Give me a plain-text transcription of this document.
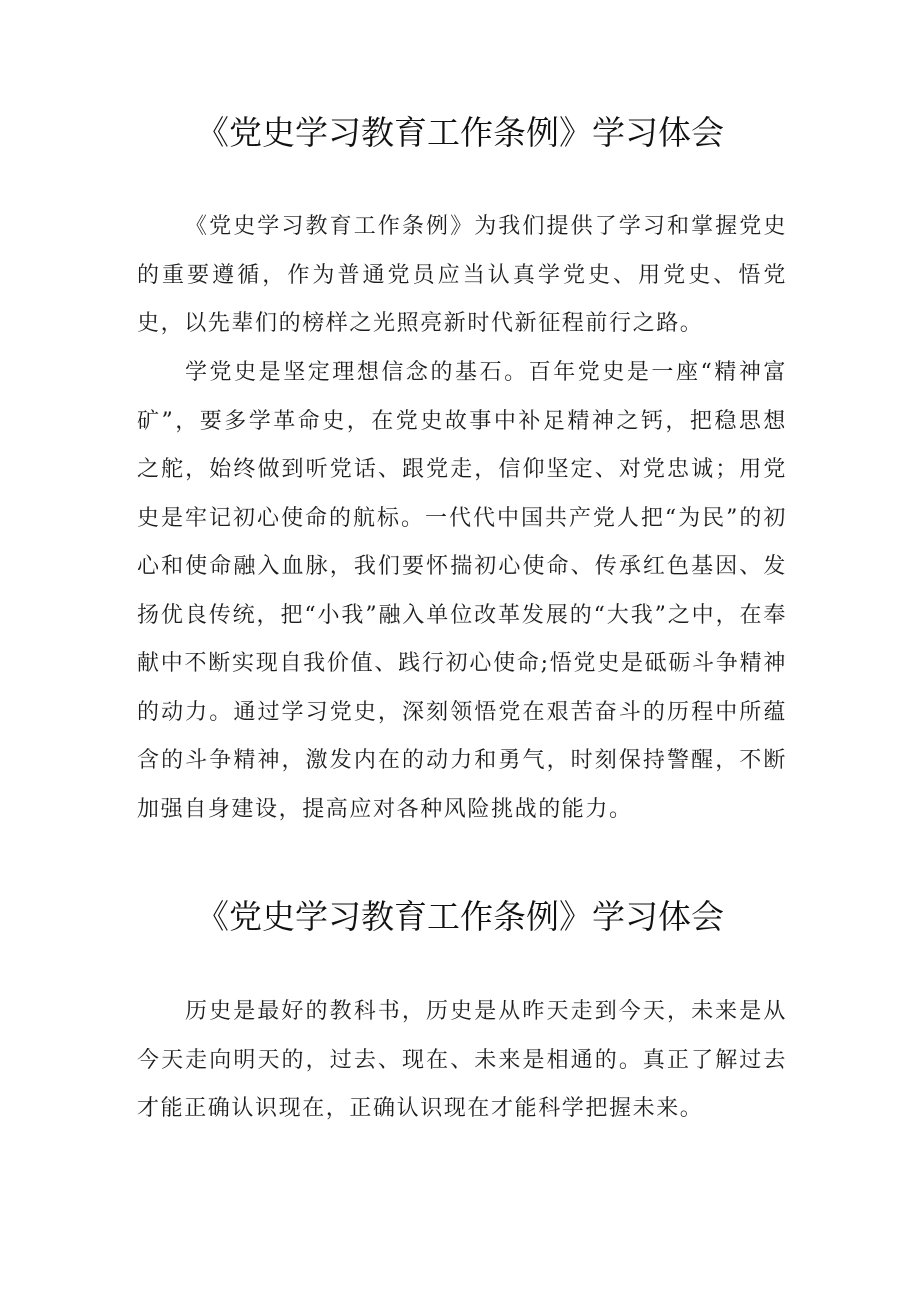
《党史学习教育工作条例》学习体会

《党史学习教育工作条例》为我们提供了学习和掌握党史的重要遵循，作为普通党员应当认真学党史、用党史、悟党史，以先辈们的榜样之光照亮新时代新征程前行之路。

学党史是坚定理想信念的基石。百年党史是一座“精神富矿”，要多学革命史，在党史故事中补足精神之钙，把稳思想之舵，始终做到听党话、跟党走，信仰坚定、对党忠诚；用党史是牢记初心使命的航标。一代代中国共产党人把“为民”的初心和使命融入血脉，我们要怀揣初心使命、传承红色基因、发扬优良传统，把“小我”融入单位改革发展的“大我”之中，在奉献中不断实现自我价值、践行初心使命;悟党史是砥砺斗争精神的动力。通过学习党史，深刻领悟党在艰苦奋斗的历程中所蕴含的斗争精神，激发内在的动力和勇气，时刻保持警醒，不断加强自身建设，提高应对各种风险挑战的能力。

《党史学习教育工作条例》学习体会

历史是最好的教科书，历史是从昨天走到今天，未来是从今天走向明天的，过去、现在、未来是相通的。真正了解过去才能正确认识现在，正确认识现在才能科学把握未来。
